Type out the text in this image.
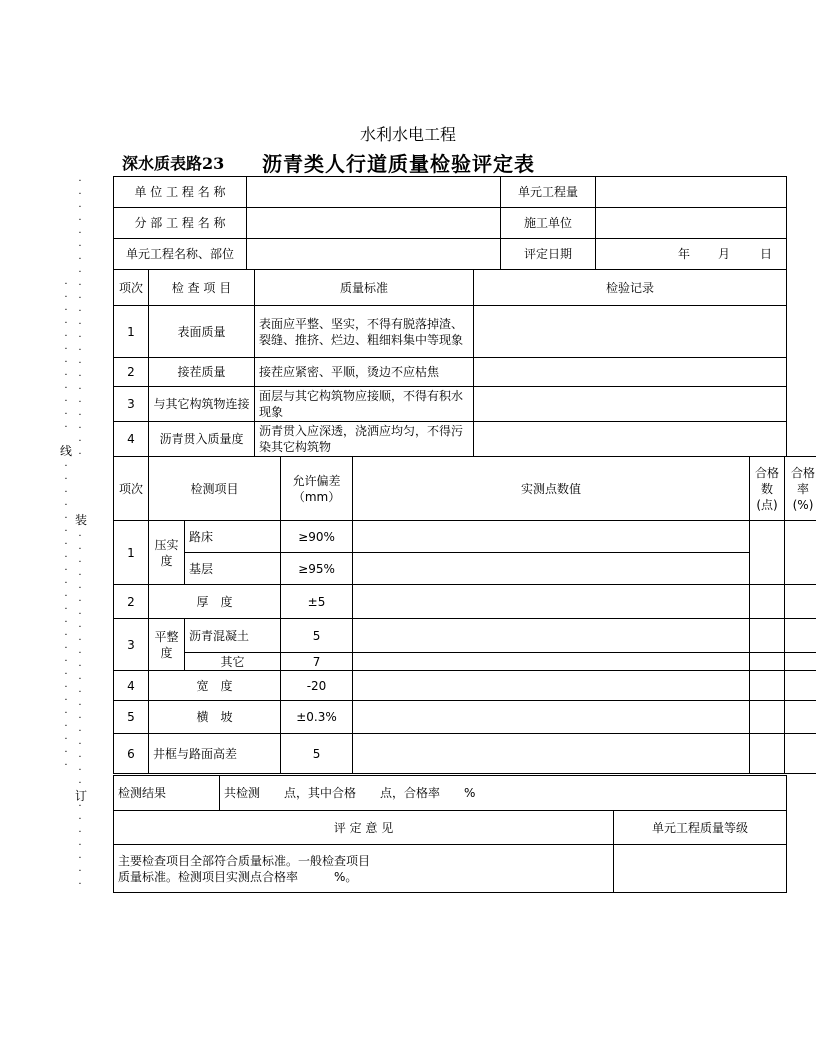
水利水电工程
深水质表路23 沥青类人行道质量检验评定表
·
·
·
·
·
·
·
·
·
·
·
·
·
·
·
·
·
·
·
·
·
·
·
·
·
·
·
·
·
·
·
·
·
·
·
·
·
·
·
·
·
·
·
·
·
·
·
·
·
·
·
·
·
·
·
·
·
·
·
·
·
·
·
·
·
·
·
·
·
·
·
·
·
·
·
·
·
·
·
·
·
·
·
·
·
线
装
订
单 位 工 程 名 称		单元工程量	
分 部 工 程 名 称		施工单位	
单元工程名称、部位		评定日期	年 月 日
项次	检 查 项 目	质量标准	检验记录
1	表面质量	表面应平整、坚实，不得有脱落掉渣、裂缝、推挤、烂边、粗细料集中等现象	
2	接茬质量	接茬应紧密、平顺，烫边不应枯焦	
3	与其它构筑物连接	面层与其它构筑物应接顺，不得有积水现象	
4	沥青贯入质量度	沥青贯入应深透，浇洒应均匀，不得污染其它构筑物	
项次	检测项目		允许偏差（mm）	实测点数值	合格数(点)	合格率(%)
1	压实度	路床	≥90%			
		基层	≥95%			
2	厚　度		±5			
3	平整度	沥青混凝土	5			
		其它	7			
4	宽　度		-20			
5	横　坡		±0.3%			
6	井框与路面高差		5			
检测结果	共检测　　点，其中合格　　点，合格率　　%
评 定 意 见	单元工程质量等级

主要检查项目全部符合质量标准。一般检查项目
质量标准。检测项目实测点合格率　　　%。	
